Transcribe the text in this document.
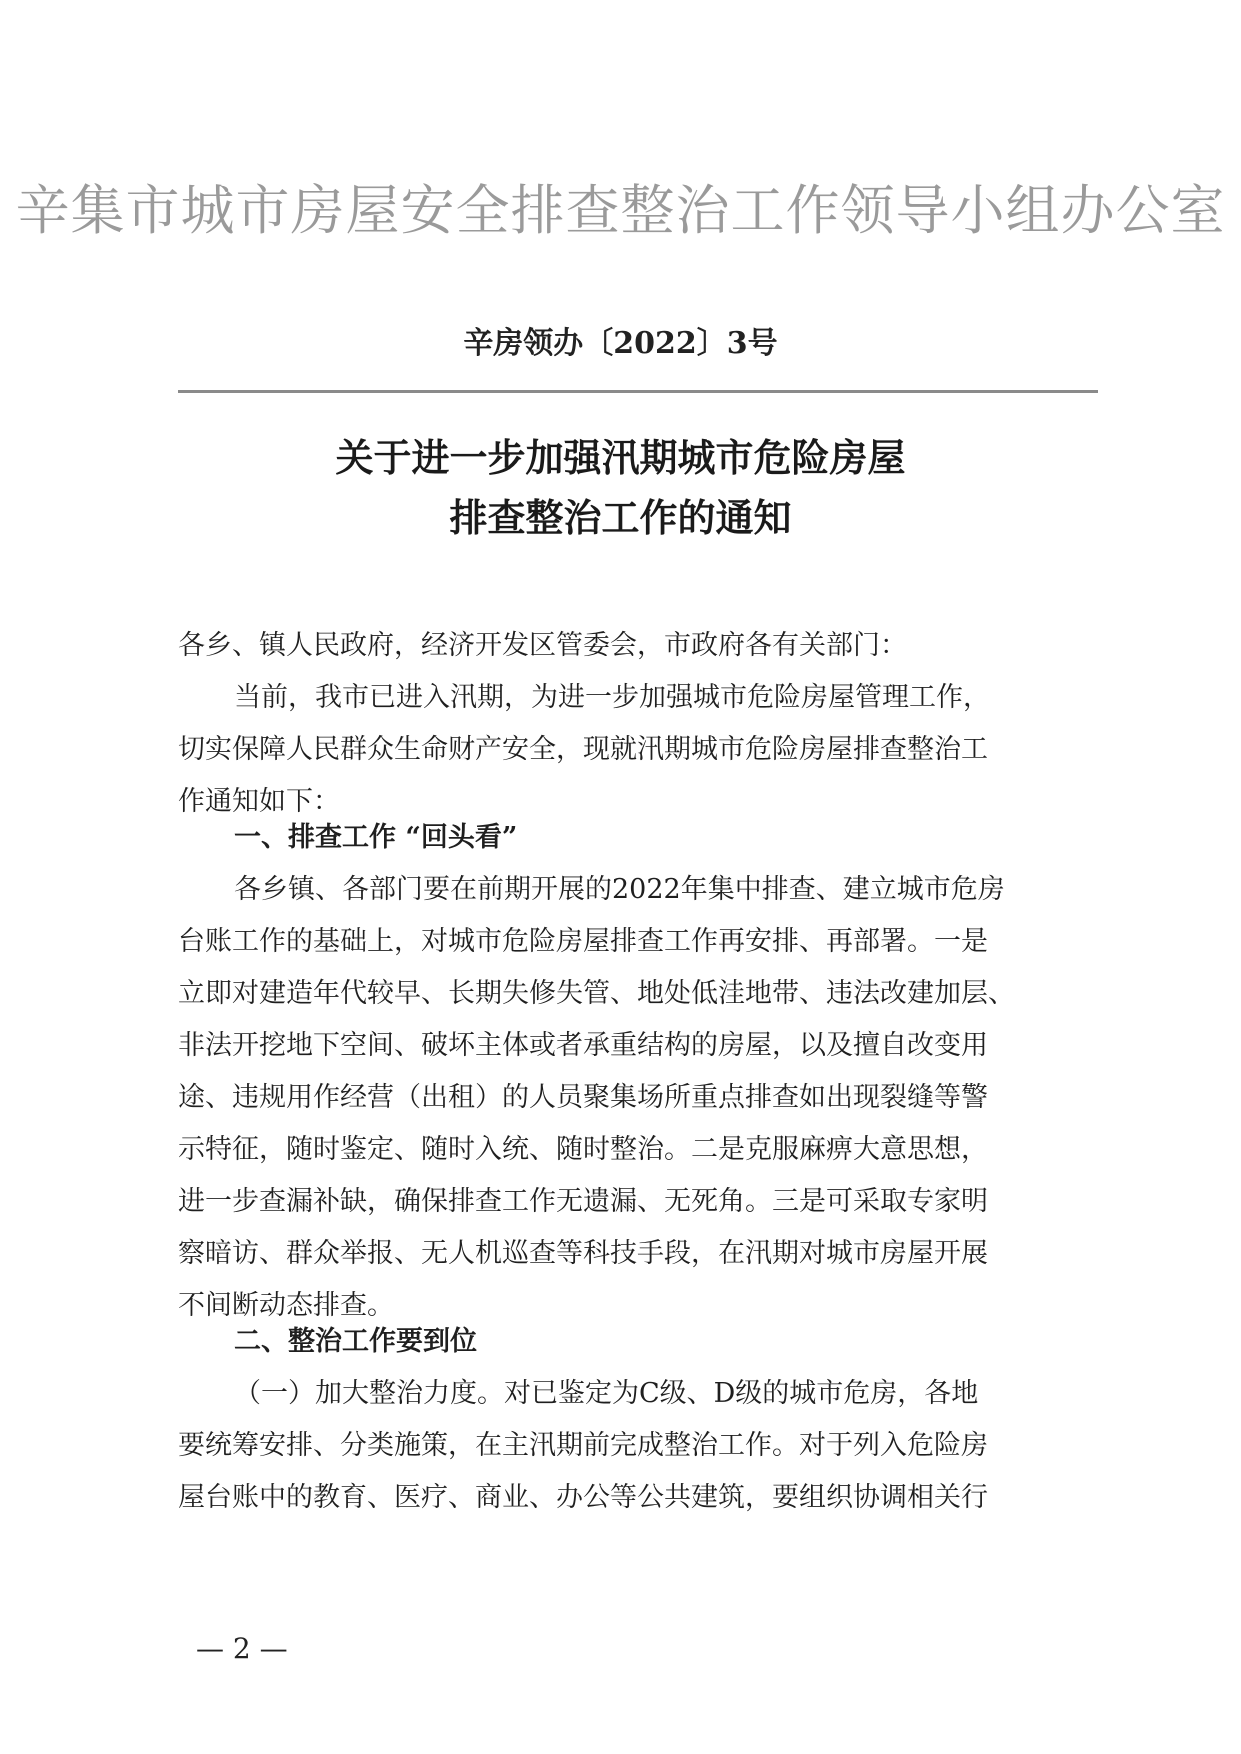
辛集市城市房屋安全排查整治工作领导小组办公室
辛房领办〔2022〕3号
关于进一步加强汛期城市危险房屋
排查整治工作的通知
各乡、镇人民政府，经济开发区管委会，市政府各有关部门：
当前，我市已进入汛期，为进一步加强城市危险房屋管理工作，
切实保障人民群众生命财产安全，现就汛期城市危险房屋排查整治工
作通知如下：
一、排查工作 “回头看”
各乡镇、各部门要在前期开展的2022年集中排查、建立城市危房
台账工作的基础上，对城市危险房屋排查工作再安排、再部署。一是
立即对建造年代较早、长期失修失管、地处低洼地带、违法改建加层、
非法开挖地下空间、破坏主体或者承重结构的房屋，以及擅自改变用
途、违规用作经营（出租）的人员聚集场所重点排查如出现裂缝等警
示特征，随时鉴定、随时入统、随时整治。二是克服麻痹大意思想，
进一步查漏补缺，确保排查工作无遗漏、无死角。三是可采取专家明
察暗访、群众举报、无人机巡查等科技手段，在汛期对城市房屋开展
不间断动态排查。
二、整治工作要到位
（一）加大整治力度。对已鉴定为C级、D级的城市危房，各地
要统筹安排、分类施策，在主汛期前完成整治工作。对于列入危险房
屋台账中的教育、医疗、商业、办公等公共建筑，要组织协调相关行
— 2 —
